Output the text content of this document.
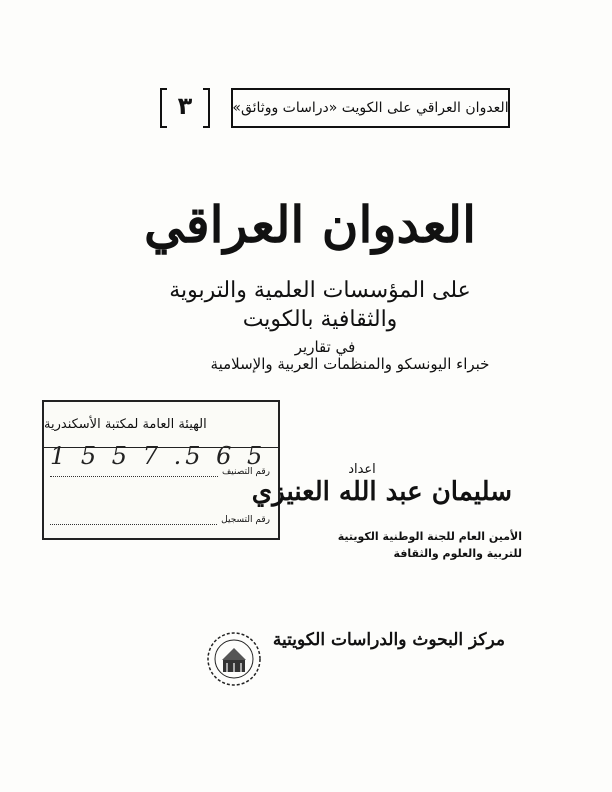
٣	العدوان العراقي على الكويت «دراسات ووثائق»
العدوان العراقي
على المؤسسات العلمية والتربوية
والثقافية بالكويت
في تقارير
خبراء اليونسكو والمنظمات العربية والإسلامية
الهيئة العامة لمكتبة الأسكندرية
1 5 5 7 .5 6 5
رقم التصنيف
رقم التسجيل
اعداد
سليمان عبد الله العنيزي
الأمين العام للجنة الوطنية الكويتية
للتربية والعلوم والثقافة
مركز البحوث والدراسات الكويتية
